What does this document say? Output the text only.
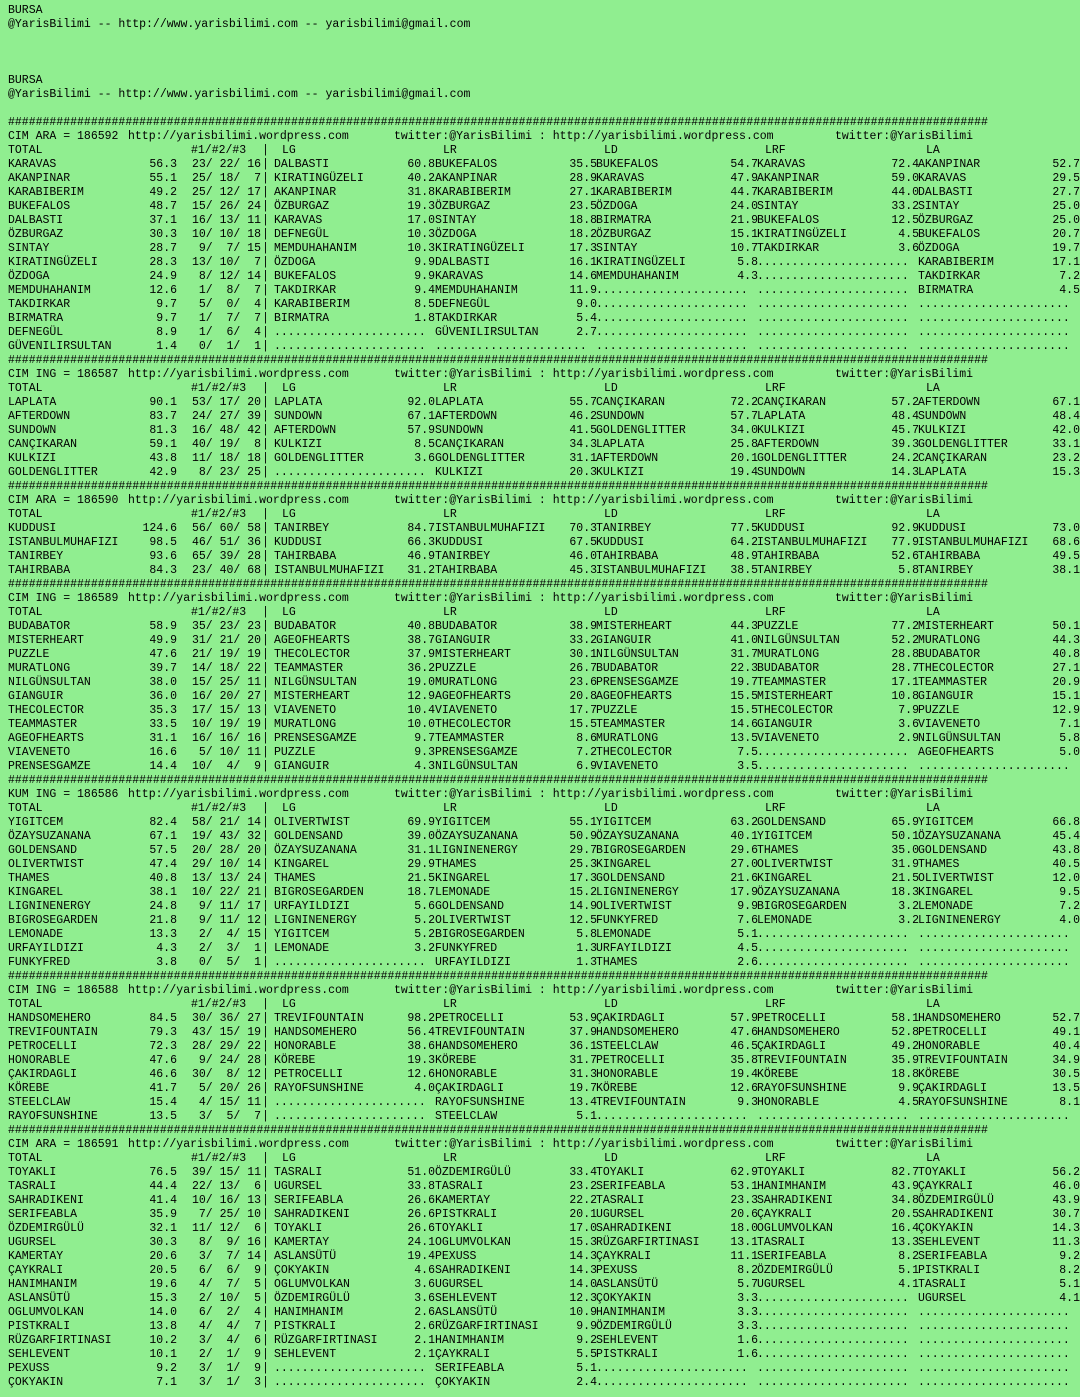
BURSA
@YarisBilimi -- http://www.yarisbilimi.com -- yarisbilimi@gmail.com
BURSA
@YarisBilimi -- http://www.yarisbilimi.com -- yarisbilimi@gmail.com
##############################################################################################################################################
CIM ARA = 186592 http://yarisbilimi.wordpress.com	twitter:@YarisBilimi : http://yarisbilimi.wordpress.com	twitter:@YarisBilimi
TOTAL	#1/#2/#3 | LG	LR	LD	LRF	LA
KARAVAS	56.3 23/ 22/ 16 | DALBASTI	60.8 BUKEFALOS	35.5 BUKEFALOS	54.7 KARAVAS	72.4 AKANPINAR	52.7
AKANPINAR	55.1 25/ 18/  7 | KIRATINGÜZELI	40.2 AKANPINAR	28.9 KARAVAS	47.9 AKANPINAR	59.0 KARAVAS	29.5
KARABIBERIM	49.2 25/ 12/ 17 | AKANPINAR	31.8 KARABIBERIM	27.1 KARABIBERIM	44.7 KARABIBERIM	44.0 DALBASTI	27.7
BUKEFALOS	48.7 15/ 26/ 24 | ÖZBURGAZ	19.3 ÖZBURGAZ	23.5 ÖZDOGA	24.0 SINTAY	33.2 SINTAY	25.0
DALBASTI	37.1 16/ 13/ 11 | KARAVAS	17.0 SINTAY	18.8 BIRMATRA	21.9 BUKEFALOS	12.5 ÖZBURGAZ	25.0
ÖZBURGAZ	30.3 10/ 10/ 18 | DEFNEGÜL	10.3 ÖZDOGA	18.2 ÖZBURGAZ	15.1 KIRATINGÜZELI	4.5 BUKEFALOS	20.7
SINTAY	28.7 9/  7/ 15 | MEMDUHAHANIM	10.3 KIRATINGÜZELI	17.3 SINTAY	10.7 TAKDIRKAR	3.6 ÖZDOGA	19.7
KIRATINGÜZELI	28.3 13/ 10/  7 | ÖZDOGA	9.9 DALBASTI	16.1 KIRATINGÜZELI	5.8 ...................... KARABIBERIM	17.1
ÖZDOGA	24.9 8/ 12/ 14 | BUKEFALOS	9.9 KARAVAS	14.6 MEMDUHAHANIM	4.3 ...................... TAKDIRKAR	7.2
MEMDUHAHANIM	12.6 1/  8/  7 | TAKDIRKAR	9.4 MEMDUHAHANIM	11.9 ...................... ...................... BIRMATRA	4.5
TAKDIRKAR	9.7 5/  0/  4 | KARABIBERIM	8.5 DEFNEGÜL	9.0 ...................... ...................... ......................
BIRMATRA	9.7 1/  7/  7 | BIRMATRA	1.8 TAKDIRKAR	5.4 ...................... ...................... ......................
DEFNEGÜL	8.9 1/  6/  4 | ...................... GÜVENILIRSULTAN	2.7 ...................... ...................... ......................
GÜVENILIRSULTAN	1.4 0/  1/  1 | ...................... ...................... ...................... ...................... ......................
##############################################################################################################################################
CIM ING = 186587 http://yarisbilimi.wordpress.com	twitter:@YarisBilimi : http://yarisbilimi.wordpress.com	twitter:@YarisBilimi
TOTAL	#1/#2/#3 | LG	LR	LD	LRF	LA
LAPLATA	90.1 53/ 17/ 20 | LAPLATA	92.0 LAPLATA	55.7 CANÇIKARAN	72.2 CANÇIKARAN	57.2 AFTERDOWN	67.1
AFTERDOWN	83.7 24/ 27/ 39 | SUNDOWN	67.1 AFTERDOWN	46.2 SUNDOWN	57.7 LAPLATA	48.4 SUNDOWN	48.4
SUNDOWN	81.3 16/ 48/ 42 | AFTERDOWN	57.9 SUNDOWN	41.5 GOLDENGLITTER	34.0 KULKIZI	45.7 KULKIZI	42.0
CANÇIKARAN	59.1 40/ 19/  8 | KULKIZI	8.5 CANÇIKARAN	34.3 LAPLATA	25.8 AFTERDOWN	39.3 GOLDENGLITTER	33.1
KULKIZI	43.8 11/ 18/ 18 | GOLDENGLITTER	3.6 GOLDENGLITTER	31.1 AFTERDOWN	20.1 GOLDENGLITTER	24.2 CANÇIKARAN	23.2
GOLDENGLITTER	42.9 8/ 23/ 25 | ...................... KULKIZI	20.3 KULKIZI	19.4 SUNDOWN	14.3 LAPLATA	15.3
##############################################################################################################################################
CIM ARA = 186590 http://yarisbilimi.wordpress.com	twitter:@YarisBilimi : http://yarisbilimi.wordpress.com	twitter:@YarisBilimi
TOTAL	#1/#2/#3 | LG	LR	LD	LRF	LA
KUDDUSI	124.6 56/ 60/ 58 | TANIRBEY	84.7 ISTANBULMUHAFIZI 70.3 TANIRBEY	77.5 KUDDUSI	92.9 KUDDUSI	73.0
ISTANBULMUHAFIZI	98.5 46/ 51/ 36 | KUDDUSI	66.3 KUDDUSI	67.5 KUDDUSI	64.2 ISTANBULMUHAFIZI 77.9 ISTANBULMUHAFIZI 68.6
TANIRBEY	93.6 65/ 39/ 28 | TAHIRBABA	46.9 TANIRBEY	46.0 TAHIRBABA	48.9 TAHIRBABA	52.6 TAHIRBABA	49.5
TAHIRBABA	84.3 23/ 40/ 68 | ISTANBULMUHAFIZI 31.2 TAHIRBABA	45.3 ISTANBULMUHAFIZI 38.5 TANIRBEY	5.8 TANIRBEY	38.1
##############################################################################################################################################
CIM ING = 186589 http://yarisbilimi.wordpress.com	twitter:@YarisBilimi : http://yarisbilimi.wordpress.com	twitter:@YarisBilimi
TOTAL	#1/#2/#3 | LG	LR	LD	LRF	LA
BUDABATOR	58.9 35/ 23/ 23 | BUDABATOR	40.8 BUDABATOR	38.9 MISTERHEART	44.3 PUZZLE	77.2 MISTERHEART	50.1
MISTERHEART	49.9 31/ 21/ 20 | AGEOFHEARTS	38.7 GIANGUIR	33.2 GIANGUIR	41.0 NILGÜNSULTAN	52.2 MURATLONG	44.3
PUZZLE	47.6 21/ 19/ 19 | THECOLECTOR	37.9 MISTERHEART	30.1 NILGÜNSULTAN	31.7 MURATLONG	28.8 BUDABATOR	40.8
MURATLONG	39.7 14/ 18/ 22 | TEAMMASTER	36.2 PUZZLE	26.7 BUDABATOR	22.3 BUDABATOR	28.7 THECOLECTOR	27.1
NILGÜNSULTAN	38.0 15/ 25/ 11 | NILGÜNSULTAN	19.0 MURATLONG	23.6 PRENSESGAMZE	19.7 TEAMMASTER	17.1 TEAMMASTER	20.9
GIANGUIR	36.0 16/ 20/ 27 | MISTERHEART	12.9 AGEOFHEARTS	20.8 AGEOFHEARTS	15.5 MISTERHEART	10.8 GIANGUIR	15.1
THECOLECTOR	35.3 17/ 15/ 13 | VIAVENETO	10.4 VIAVENETO	17.7 PUZZLE	15.5 THECOLECTOR	7.9 PUZZLE	12.9
TEAMMASTER	33.5 10/ 19/ 19 | MURATLONG	10.0 THECOLECTOR	15.5 TEAMMASTER	14.6 GIANGUIR	3.6 VIAVENETO	7.1
AGEOFHEARTS	31.1 16/ 16/ 16 | PRENSESGAMZE	9.7 TEAMMASTER	8.6 MURATLONG	13.5 VIAVENETO	2.9 NILGÜNSULTAN	5.8
VIAVENETO	16.6 5/ 10/ 11 | PUZZLE	9.3 PRENSESGAMZE	7.2 THECOLECTOR	7.5 ...................... AGEOFHEARTS	5.0
PRENSESGAMZE	14.4 10/  4/  9 | GIANGUIR	4.3 NILGÜNSULTAN	6.9 VIAVENETO	3.5 ...................... ......................
##############################################################################################################################################
KUM ING = 186586 http://yarisbilimi.wordpress.com	twitter:@YarisBilimi : http://yarisbilimi.wordpress.com	twitter:@YarisBilimi
TOTAL	#1/#2/#3 | LG	LR	LD	LRF	LA
YIGITCEM	82.4 58/ 21/ 14 | OLIVERTWIST	69.9 YIGITCEM	55.1 YIGITCEM	63.2 GOLDENSAND	65.9 YIGITCEM	66.8
ÖZAYSUZANANA	67.1 19/ 43/ 32 | GOLDENSAND	39.0 ÖZAYSUZANANA	50.9 ÖZAYSUZANANA	40.1 YIGITCEM	50.1 ÖZAYSUZANANA	45.4
GOLDENSAND	57.5 20/ 28/ 20 | ÖZAYSUZANANA	31.1 LIGNINENERGY	29.7 BIGROSEGARDEN	29.6 THAMES	35.0 GOLDENSAND	43.8
OLIVERTWIST	47.4 29/ 10/ 14 | KINGAREL	29.9 THAMES	25.3 KINGAREL	27.0 OLIVERTWIST	31.9 THAMES	40.5
THAMES	40.8 13/ 13/ 24 | THAMES	21.5 KINGAREL	17.3 GOLDENSAND	21.6 KINGAREL	21.5 OLIVERTWIST	12.0
KINGAREL	38.1 10/ 22/ 21 | BIGROSEGARDEN	18.7 LEMONADE	15.2 LIGNINENERGY	17.9 ÖZAYSUZANANA	18.3 KINGAREL	9.5
LIGNINENERGY	24.8 9/ 11/ 17 | URFAYILDIZI	5.6 GOLDENSAND	14.9 OLIVERTWIST	9.9 BIGROSEGARDEN	3.2 LEMONADE	7.2
BIGROSEGARDEN	21.8 9/ 11/ 12 | LIGNINENERGY	5.2 OLIVERTWIST	12.5 FUNKYFRED	7.6 LEMONADE	3.2 LIGNINENERGY	4.0
LEMONADE	13.3 2/  4/ 15 | YIGITCEM	5.2 BIGROSEGARDEN	5.8 LEMONADE	5.1 ...................... ......................
URFAYILDIZI	4.3 2/  3/  1 | LEMONADE	3.2 FUNKYFRED	1.3 URFAYILDIZI	4.5 ...................... ......................
FUNKYFRED	3.8 0/  5/  1 | ...................... URFAYILDIZI	1.3 THAMES	2.6 ...................... ......................
##############################################################################################################################################
CIM ING = 186588 http://yarisbilimi.wordpress.com	twitter:@YarisBilimi : http://yarisbilimi.wordpress.com	twitter:@YarisBilimi
TOTAL	#1/#2/#3 | LG	LR	LD	LRF	LA
HANDSOMEHERO	84.5 30/ 36/ 27 | TREVIFOUNTAIN	98.2 PETROCELLI	53.9 ÇAKIRDAGLI	57.9 PETROCELLI	58.1 HANDSOMEHERO	52.7
TREVIFOUNTAIN	79.3 43/ 15/ 19 | HANDSOMEHERO	56.4 TREVIFOUNTAIN	37.9 HANDSOMEHERO	47.6 HANDSOMEHERO	52.8 PETROCELLI	49.1
PETROCELLI	72.3 28/ 29/ 22 | HONORABLE	38.6 HANDSOMEHERO	36.1 STEELCLAW	46.5 ÇAKIRDAGLI	49.2 HONORABLE	40.4
HONORABLE	47.6 9/ 24/ 28 | KÖREBE	19.3 KÖREBE	31.7 PETROCELLI	35.8 TREVIFOUNTAIN	35.9 TREVIFOUNTAIN	34.9
ÇAKIRDAGLI	46.6 30/  8/ 12 | PETROCELLI	12.6 HONORABLE	31.3 HONORABLE	19.4 KÖREBE	18.8 KÖREBE	30.5
KÖREBE	41.7 5/ 20/ 26 | RAYOFSUNSHINE	4.0 ÇAKIRDAGLI	19.7 KÖREBE	12.6 RAYOFSUNSHINE	9.9 ÇAKIRDAGLI	13.5
STEELCLAW	15.4 4/ 15/ 11 | ...................... RAYOFSUNSHINE	13.4 TREVIFOUNTAIN	9.3 HONORABLE	4.5 RAYOFSUNSHINE	8.1
RAYOFSUNSHINE	13.5 3/  5/  7 | ...................... STEELCLAW	5.1 ...................... ...................... ......................
##############################################################################################################################################
CIM ARA = 186591 http://yarisbilimi.wordpress.com	twitter:@YarisBilimi : http://yarisbilimi.wordpress.com	twitter:@YarisBilimi
TOTAL	#1/#2/#3 | LG	LR	LD	LRF	LA
TOYAKLI	76.5 39/ 15/ 11 | TASRALI	51.0 ÖZDEMIRGÜLÜ	33.4 TOYAKLI	62.9 TOYAKLI	82.7 TOYAKLI	56.2
TASRALI	44.4 22/ 13/  6 | UGURSEL	33.8 TASRALI	23.2 SERIFEABLA	53.1 HANIMHANIM	43.9 ÇAYKRALI	46.0
SAHRADIKENI	41.4 10/ 16/ 13 | SERIFEABLA	26.6 KAMERTAY	22.2 TASRALI	23.3 SAHRADIKENI	34.8 ÖZDEMIRGÜLÜ	43.9
SERIFEABLA	35.9 7/ 25/ 10 | SAHRADIKENI	26.6 PISTKRALI	20.1 UGURSEL	20.6 ÇAYKRALI	20.5 SAHRADIKENI	30.7
ÖZDEMIRGÜLÜ	32.1 11/ 12/  6 | TOYAKLI	26.6 TOYAKLI	17.0 SAHRADIKENI	18.0 OGLUMVOLKAN	16.4 ÇOKYAKIN	14.3
UGURSEL	30.3 8/  9/ 16 | KAMERTAY	24.1 OGLUMVOLKAN	15.3 RÜZGARFIRTINASI	13.1 TASRALI	13.3 SEHLEVENT	11.3
KAMERTAY	20.6 3/  7/ 14 | ASLANSÜTÜ	19.4 PEXUSS	14.3 ÇAYKRALI	11.1 SERIFEABLA	8.2 SERIFEABLA	9.2
ÇAYKRALI	20.5 6/  6/  9 | ÇOKYAKIN	4.6 SAHRADIKENI	14.3 PEXUSS	8.2 ÖZDEMIRGÜLÜ	5.1 PISTKRALI	8.2
HANIMHANIM	19.6 4/  7/  5 | OGLUMVOLKAN	3.6 UGURSEL	14.0 ASLANSÜTÜ	5.7 UGURSEL	4.1 TASRALI	5.1
ASLANSÜTÜ	15.3 2/ 10/  5 | ÖZDEMIRGÜLÜ	3.6 SEHLEVENT	12.3 ÇOKYAKIN	3.3 ...................... UGURSEL	4.1
OGLUMVOLKAN	14.0 6/  2/  4 | HANIMHANIM	2.6 ASLANSÜTÜ	10.9 HANIMHANIM	3.3 ...................... ......................
PISTKRALI	13.8 4/  4/  7 | PISTKRALI	2.6 RÜZGARFIRTINASI	9.9 ÖZDEMIRGÜLÜ	3.3 ...................... ......................
RÜZGARFIRTINASI	10.2 3/  4/  6 | RÜZGARFIRTINASI	2.1 HANIMHANIM	9.2 SEHLEVENT	1.6 ...................... ......................
SEHLEVENT	10.1 2/  1/  9 | SEHLEVENT	2.1 ÇAYKRALI	5.5 PISTKRALI	1.6 ...................... ......................
PEXUSS	9.2 3/  1/  9 | ...................... SERIFEABLA	5.1 ...................... ...................... ......................
ÇOKYAKIN	7.1 3/  1/  3 | ...................... ÇOKYAKIN	2.4 ...................... ...................... ......................
